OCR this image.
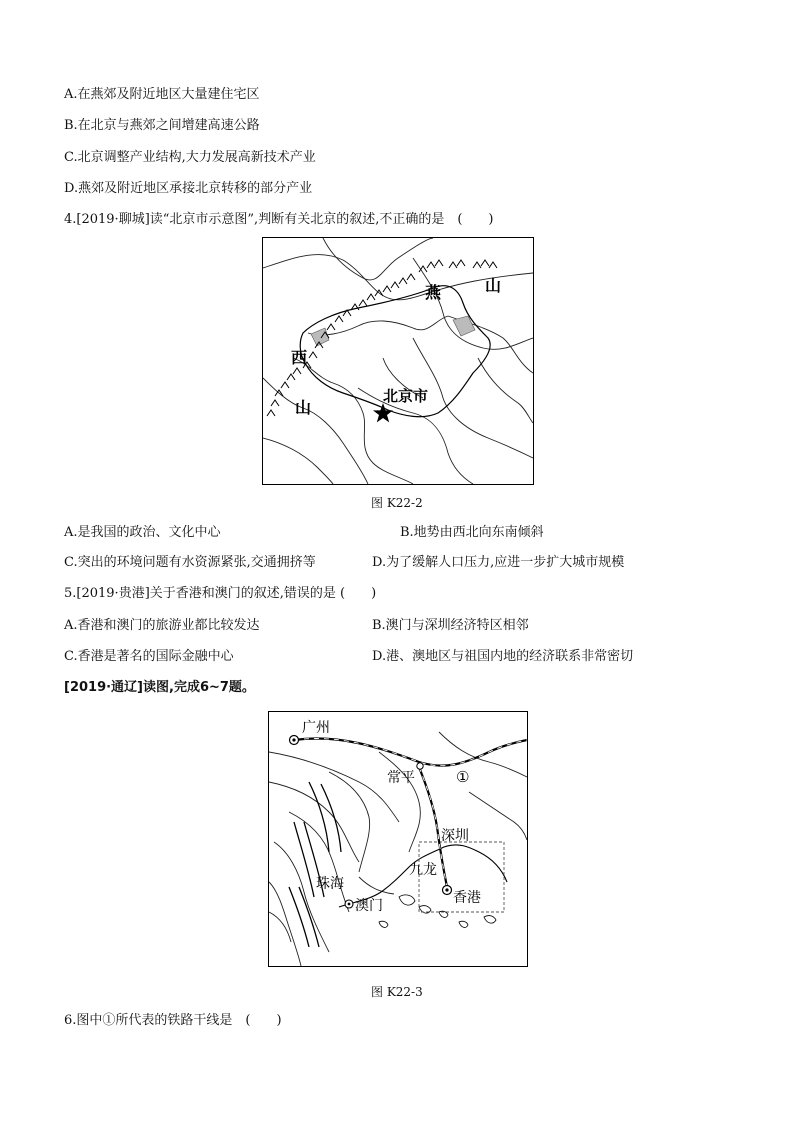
A.在燕郊及附近地区大量建住宅区
B.在北京与燕郊之间增建高速公路
C.北京调整产业结构,大力发展高新技术产业
D.燕郊及附近地区承接北京转移的部分产业
4.[2019·聊城]读“北京市示意图”,判断有关北京的叙述,不正确的是　(　　)
燕	山
西
山
北京市
图 K22-2
A.是我国的政治、文化中心	B.地势由西北向东南倾斜
C.突出的环境问题有水资源紧张,交通拥挤等	D.为了缓解人口压力,应进一步扩大城市规模
5.[2019·贵港]关于香港和澳门的叙述,错误的是 (　　)
A.香港和澳门的旅游业都比较发达	B.澳门与深圳经济特区相邻
C.香港是著名的国际金融中心	D.港、澳地区与祖国内地的经济联系非常密切
[2019·通辽]读图,完成6~7题。
广州
常平	①
深圳
九龙
珠海
澳门	香港
图 K22-3
6.图中①所代表的铁路干线是　(　　)
